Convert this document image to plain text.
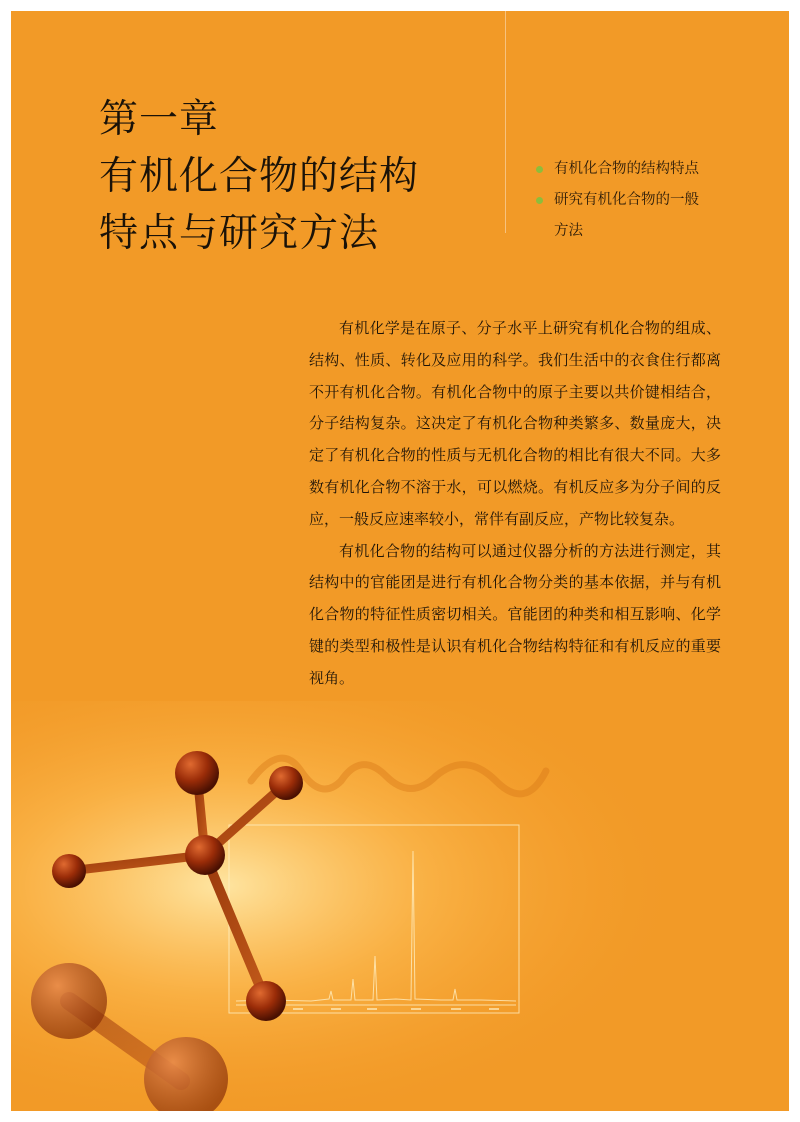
第一章
有机化合物的结构
特点与研究方法
有机化合物的结构特点
研究有机化合物的一般
方法

有机化学是在原子、分子水平上研究有机化合物的组成、结构、性质、转化及应用的科学。我们生活中的衣食住行都离不开有机化合物。有机化合物中的原子主要以共价键相结合，分子结构复杂。这决定了有机化合物种类繁多、数量庞大，决定了有机化合物的性质与无机化合物的相比有很大不同。大多数有机化合物不溶于水，可以燃烧。有机反应多为分子间的反应，一般反应速率较小，常伴有副反应，产物比较复杂。

有机化合物的结构可以通过仪器分析的方法进行测定，其结构中的官能团是进行有机化合物分类的基本依据，并与有机化合物的特征性质密切相关。官能团的种类和相互影响、化学键的类型和极性是认识有机化合物结构特征和有机反应的重要视角。
